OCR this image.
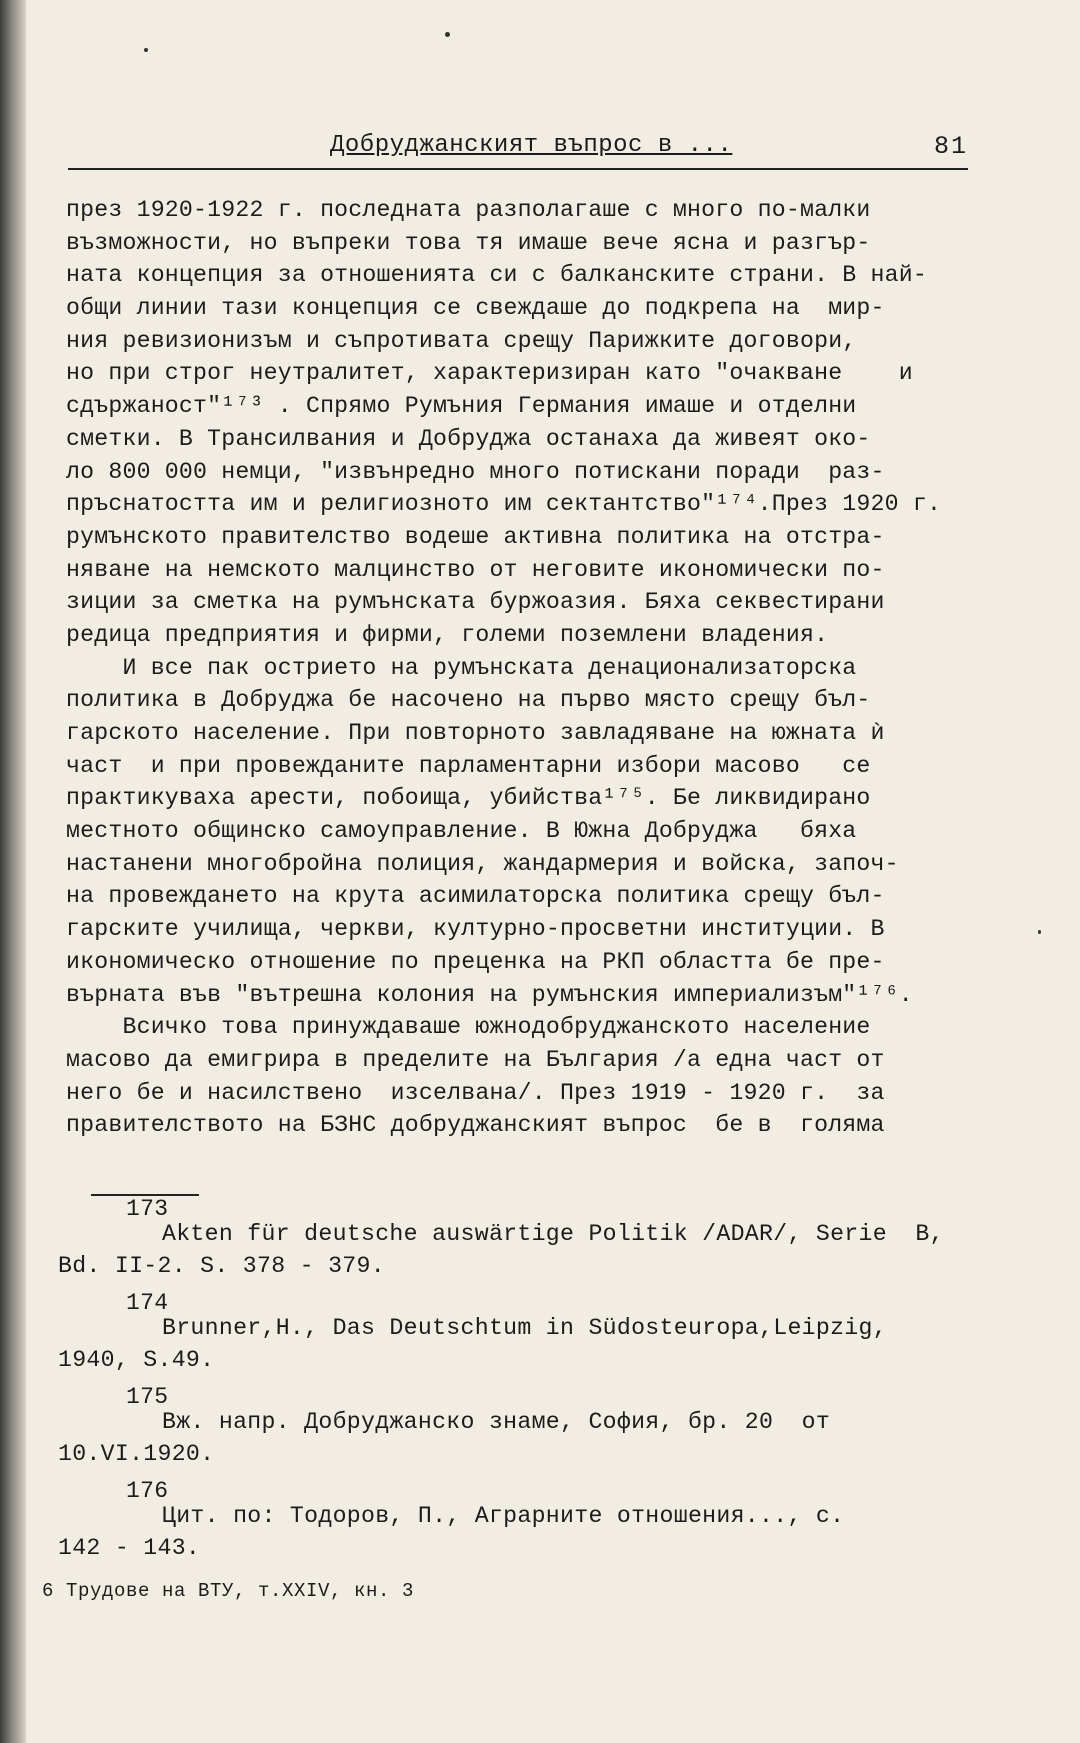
Добруджанският въпрос в ...	81
през 1920-1922 г. последната разполагаше с много по-малки
възможности, но въпреки това тя имаше вече ясна и разгър-
ната концепция за отношенията си с балканските страни. В най-
общи линии тази концепция се свеждаше до подкрепа на  мир-
ния ревизионизъм и съпротивата срещу Парижките договори,
но при строг неутралитет, характеризиран като "очакване    и
сдържаност"¹⁷³ . Спрямо Румъния Германия имаше и отделни
сметки. В Трансилвания и Добруджа останаха да живеят око-
ло 800 000 немци, "извънредно много потискани поради  раз-
пръснатостта им и религиозното им сектантство"¹⁷⁴.През 1920 г.
румънското правителство водеше активна политика на отстра-
няване на немското малцинство от неговите икономически по-
зиции за сметка на румънската буржоазия. Бяха секвестирани
редица предприятия и фирми, големи поземлени владения.
И все пак острието на румънската денационализаторска
политика в Добруджа бе насочено на първо място срещу бъл-
гарското население. При повторното завладяване на южната ѝ
част  и при провежданите парламентарни избори масово   се
практикуваха арести, побоища, убийства¹⁷⁵. Бе ликвидирано
местното общинско самоуправление. В Южна Добруджа   бяха
настанени многобройна полиция, жандармерия и войска, започ-
на провеждането на крута асимилаторска политика срещу бъл-
гарските училища, черкви, културно-просветни институции. В
икономическо отношение по преценка на РКП областта бе пре-
върната във "вътрешна колония на румънския империализъм"¹⁷⁶.
Всичко това принуждаваше южнодобруджанското население
масово да емигрира в пределите на България /а една част от
него бе и насилствено  изселвана/. През 1919 - 1920 г.  за
правителството на БЗНС добруджанският въпрос  бе в  голяма
173
Akten für deutsche auswärtige Politik /ADAR/, Serie  B,
Bd. II-2. S. 378 - 379.
174
Brunner,H., Das Deutschtum in Südosteuropa,Leipzig,
1940, S.49.
175
Вж. напр. Добруджанско знаме, София, бр. 20  от
10.VI.1920.
176
Цит. по: Тодоров, П., Аграрните отношения..., с.
142 - 143.
6 Трудове на ВТУ, т.XXIV, кн. 3
